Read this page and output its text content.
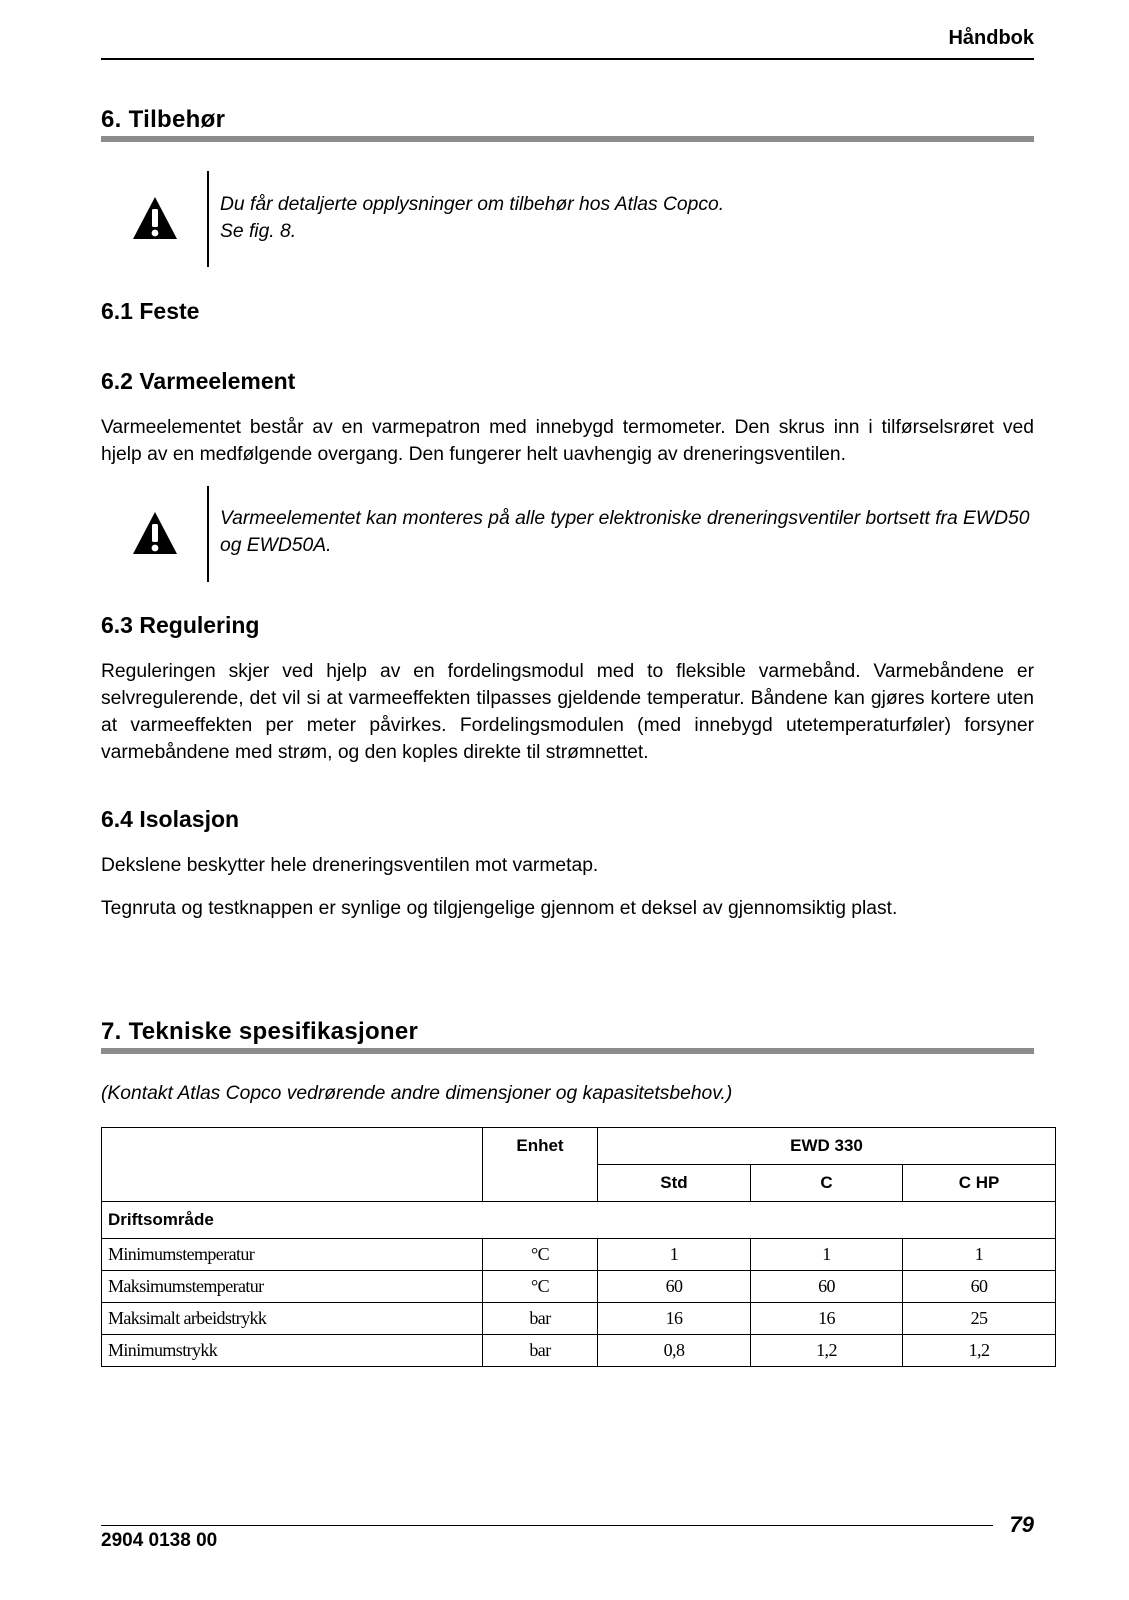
Håndbok
6. Tilbehør
Du får detaljerte opplysninger om tilbehør hos Atlas Copco.
Se fig. 8.
6.1 Feste
6.2 Varmeelement
Varmeelementet består av en varmepatron med innebygd termometer. Den skrus inn i tilførselsrøret ved hjelp av en medfølgende overgang. Den fungerer helt uavhengig av dreneringsventilen.
Varmeelementet kan monteres på alle typer elektroniske dreneringsventiler bortsett fra EWD50 og EWD50A.
6.3 Regulering
Reguleringen skjer ved hjelp av en fordelingsmodul med to fleksible varmebånd. Varmebåndene er selvregulerende, det vil si at varmeeffekten tilpasses gjeldende temperatur. Båndene kan gjøres kortere uten at varmeeffekten per meter påvirkes. Fordelingsmodulen (med innebygd utetemperaturføler) forsyner varmebåndene med strøm, og den koples direkte til strømnettet.
6.4 Isolasjon
Dekslene beskytter hele dreneringsventilen mot varmetap.
Tegnruta og testknappen er synlige og tilgjengelige gjennom et deksel av gjennomsiktig plast.
7. Tekniske spesifikasjoner
(Kontakt Atlas Copco vedrørende andre dimensjoner og kapasitetsbehov.)
	Enhet	EWD 330		
		Std	C	C HP
Driftsområde				
Minimumstemperatur	°C	1	1	1
Maksimumstemperatur	°C	60	60	60
Maksimalt arbeidstrykk	bar	16	16	25
Minimumstrykk	bar	0,8	1,2	1,2
2904 0138 00
79
